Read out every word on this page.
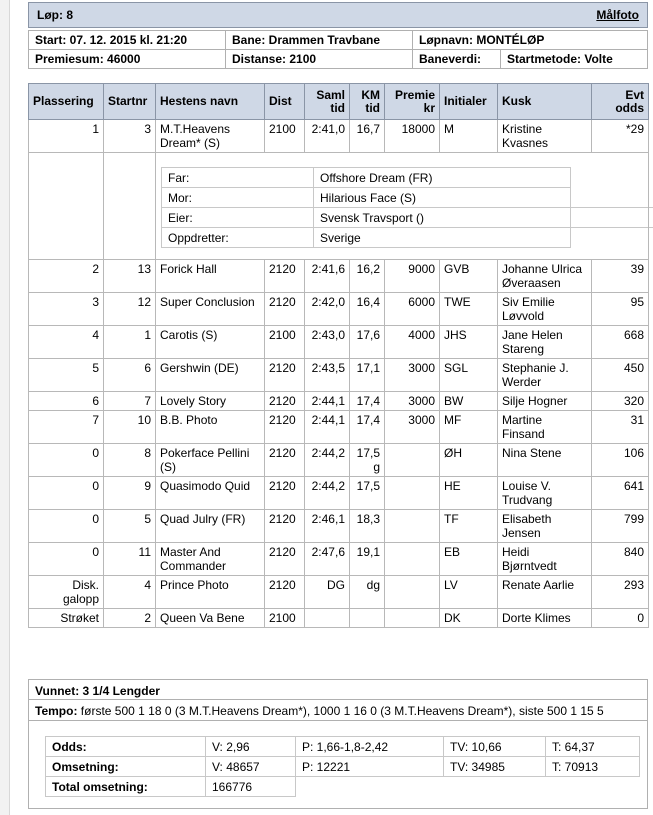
Løp: 8	Målfoto
Start: 07. 12. 2015 kl. 21:20	Bane: Drammen Travbane	Løpnavn: MONTÉLØP	
Premiesum: 46000	Distanse: 2100	Baneverdi:	Startmetode: Volte
Plassering	Startnr	Hestens navn	Dist	Saml tid	KM tid	Premie kr	Initialer	Kusk	Evt odds
1	3	M.T.Heavens Dream* (S)	2100	2:41,0	16,7	18000	M	Kristine Kvasnes	*29

Far:	Offshore Dream (FR)
Mor:	Hilarious Face (S)
Eier:	Svensk Travsport ()		
Oppdretter:	Sverige

2	13	Forick Hall	2120	2:41,6	16,2	9000	GVB	Johanne Ulrica Øveraasen	39
3	12	Super Conclusion	2120	2:42,0	16,4	6000	TWE	Siv Emilie Løvvold	95
4	1	Carotis (S)	2100	2:43,0	17,6	4000	JHS	Jane Helen Stareng	668
5	6	Gershwin (DE)	2120	2:43,5	17,1	3000	SGL	Stephanie J. Werder	450
6	7	Lovely Story	2120	2:44,1	17,4	3000	BW	Silje Hogner	320
7	10	B.B. Photo	2120	2:44,1	17,4	3000	MF	Martine Finsand	31
0	8	Pokerface Pellini (S)	2120	2:44,2	17,5 g		ØH	Nina Stene	106
0	9	Quasimodo Quid	2120	2:44,2	17,5		HE	Louise V. Trudvang	641
0	5	Quad Julry (FR)	2120	2:46,1	18,3		TF	Elisabeth Jensen	799
0	11	Master And Commander	2120	2:47,6	19,1		EB	Heidi Bjørntvedt	840
Disk. galopp	4	Prince Photo	2120	DG	dg		LV	Renate Aarlie	293
Strøket	2	Queen Va Bene	2100				DK	Dorte Klimes	0
Vunnet: 3 1/4 Lengder
Tempo: første 500 1 18 0 (3 M.T.Heavens Dream*), 1000 1 16 0 (3 M.T.Heavens Dream*), siste 500 1 15 5
Odds:	V: 2,96	P: 1,66-1,8-2,42	TV: 10,66	T: 64,37
Omsetning:	V: 48657	P: 12221	TV: 34985	T: 70913
Total omsetning:	166776			
